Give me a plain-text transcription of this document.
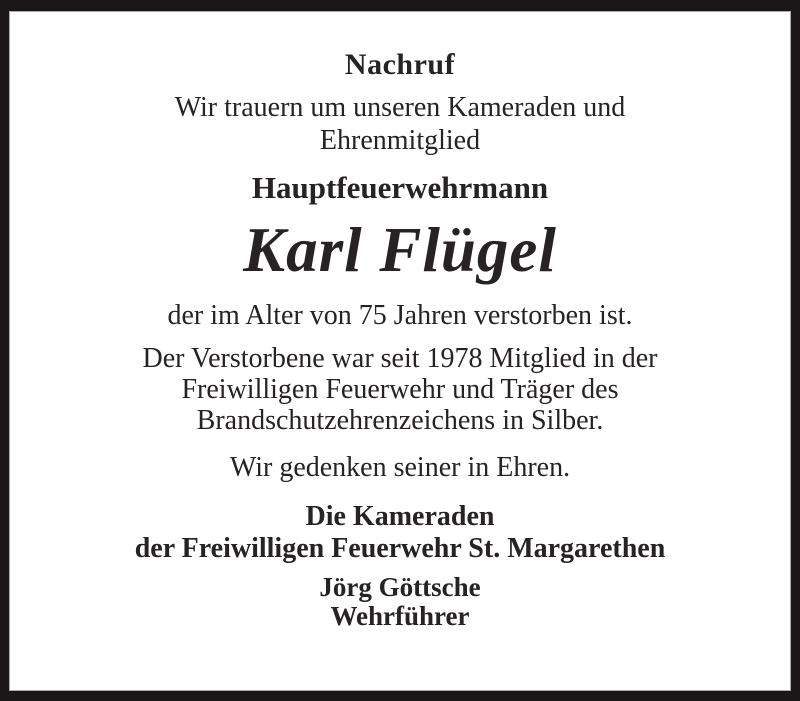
Nachruf
Wir trauern um unseren Kameraden und
Ehrenmitglied
Hauptfeuerwehrmann
Karl Flügel
der im Alter von 75 Jahren verstorben ist.
Der Verstorbene war seit 1978 Mitglied in der
Freiwilligen Feuerwehr und Träger des
Brandschutzehrenzeichens in Silber.
Wir gedenken seiner in Ehren.
Die Kameraden
der Freiwilligen Feuerwehr St. Margarethen
Jörg Göttsche
Wehrführer
